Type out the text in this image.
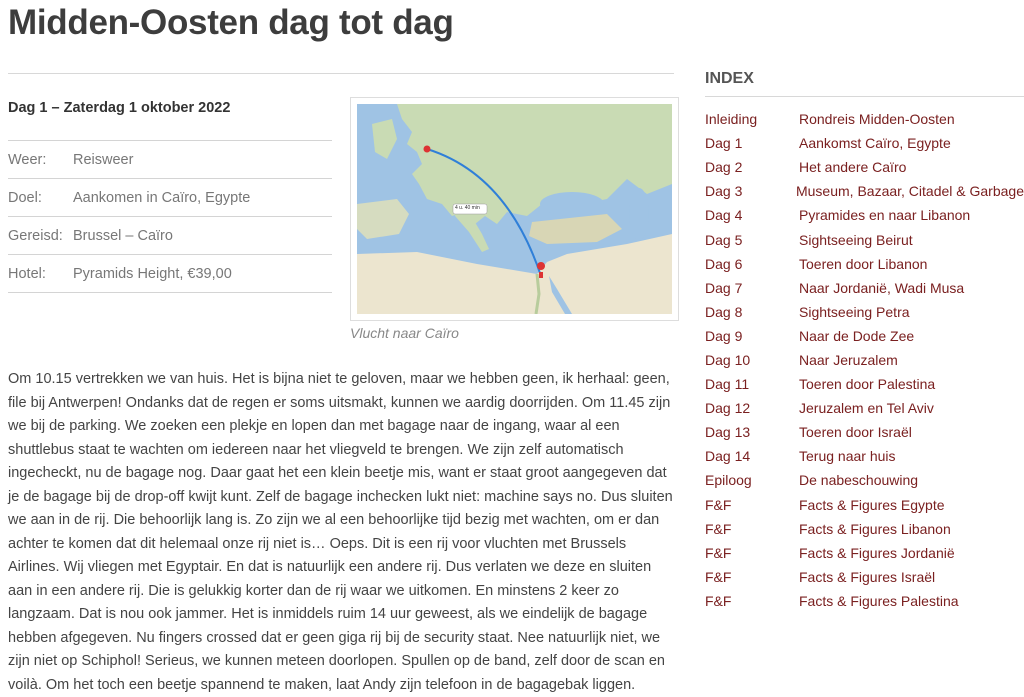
Midden-Oosten dag tot dag
Dag 1 – Zaterdag 1 oktober 2022
Weer:	Reisweer
Doel:	Aankomen in Caïro, Egypte
Gereisd: Brussel – Caïro
Hotel:	Pyramids Height, €39,00
4 u. 40 min
Vlucht naar Caïro

Om 10.15 vertrekken we van huis. Het is bijna niet te geloven, maar we hebben geen, ik herhaal: geen, file bij Antwerpen! Ondanks dat de regen er soms uitsmakt, kunnen we aardig doorrijden. Om 11.45 zijn we bij de parking. We zoeken een plekje en lopen dan met bagage naar de ingang, waar al een shuttlebus staat te wachten om iedereen naar het vliegveld te brengen. We zijn zelf automatisch ingecheckt, nu de bagage nog. Daar gaat het een klein beetje mis, want er staat groot aangegeven dat je de bagage bij de drop-off kwijt kunt. Zelf de bagage inchecken lukt niet: machine says no. Dus sluiten we aan in de rij. Die behoorlijk lang is. Zo zijn we al een behoorlijke tijd bezig met wachten, om er dan achter te komen dat dit helemaal onze rij niet is… Oeps. Dit is een rij voor vluchten met Brussels Airlines. Wij vliegen met Egyptair. En dat is natuurlijk een andere rij. Dus verlaten we deze en sluiten aan in een andere rij. Die is gelukkig korter dan de rij waar we uitkomen. En minstens 2 keer zo langzaam. Dat is nou ook jammer. Het is inmiddels ruim 14 uur geweest, als we eindelijk de bagage hebben afgegeven. Nu fingers crossed dat er geen giga rij bij de security staat. Nee natuurlijk niet, we zijn niet op Schiphol! Serieus, we kunnen meteen doorlopen. Spullen op de band, zelf door de scan en voilà. Om het toch een beetje spannend te maken, laat Andy zijn telefoon in de bagagebak liggen.

INDEX
Inleiding	Rondreis Midden-Oosten
Dag 1	Aankomst Caïro, Egypte
Dag 2	Het andere Caïro
Dag 3	Museum, Bazaar, Citadel & Garbage
Dag 4	Pyramides en naar Libanon
Dag 5	Sightseeing Beirut
Dag 6	Toeren door Libanon
Dag 7	Naar Jordanië, Wadi Musa
Dag 8	Sightseeing Petra
Dag 9	Naar de Dode Zee
Dag 10	Naar Jeruzalem
Dag 11	Toeren door Palestina
Dag 12	Jeruzalem en Tel Aviv
Dag 13	Toeren door Israël
Dag 14	Terug naar huis
Epiloog	De nabeschouwing
F&F	Facts & Figures Egypte
F&F	Facts & Figures Libanon
F&F	Facts & Figures Jordanië
F&F	Facts & Figures Israël
F&F	Facts & Figures Palestina
